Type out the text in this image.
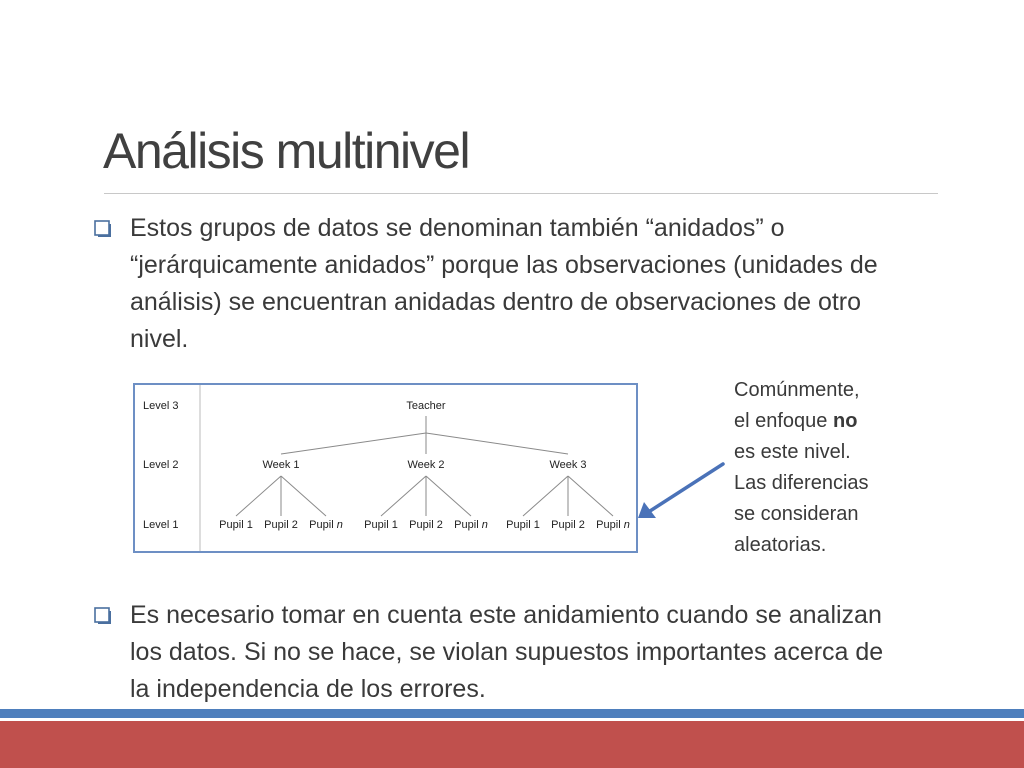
Análisis multinivel
Estos grupos de datos se denominan también “anidados” o “jerárquicamente anidados” porque las observaciones (unidades de análisis) se encuentran anidadas dentro de observaciones de otro nivel.
Level 3
Level 2
Level 1
Teacher
Week 1
Pupil 1 Pupil 2 Pupil n
Week 2
Pupil 1 Pupil 2 Pupil n
Week 3
Pupil 1 Pupil 2 Pupil n
Comúnmente,
el enfoque no
es este nivel.
Las diferencias
se consideran
aleatorias.
Es necesario tomar en cuenta este anidamiento cuando se analizan los datos. Si no se hace, se violan supuestos importantes acerca de la independencia de los errores.
